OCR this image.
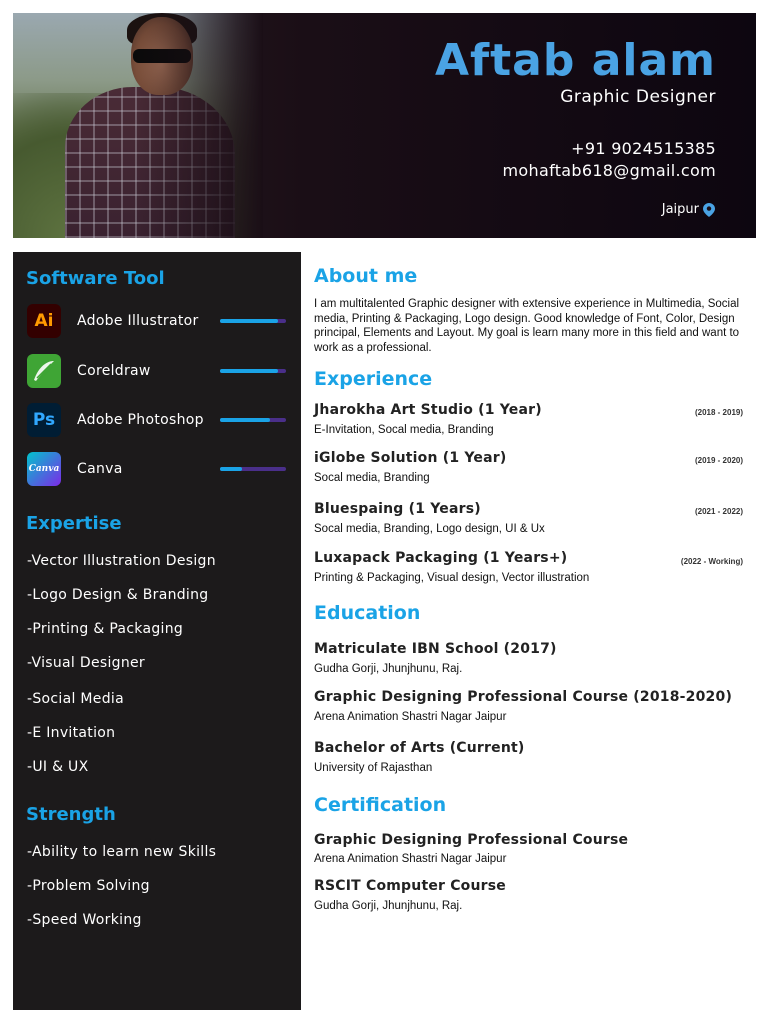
Aftab alam
Graphic Designer
+91 9024515385
mohaftab618@gmail.com
Jaipur
Software Tool
Ai	Adobe Illustrator
Coreldraw
Ps	Adobe Photoshop
Canva Canva
Expertise
-Vector Illustration Design
-Logo Design & Branding
-Printing & Packaging
-Visual Designer
-Social Media
-E Invitation
-UI & UX
Strength
-Ability to learn new Skills
-Problem Solving
-Speed Working
About me
I am multitalented Graphic designer with extensive experience in Multimedia, Social media, Printing & Packaging, Logo design. Good knowledge of Font, Color, Design principal, Elements and Layout. My goal is learn many more in this field and want to work as a professional.
Experience
Jharokha Art Studio (1 Year)	(2018 - 2019)
E-Invitation, Socal media, Branding
iGlobe Solution (1 Year)	(2019 - 2020)
Socal media, Branding
Bluespaing (1 Years)	(2021 - 2022)
Socal media, Branding, Logo design, UI & Ux
Luxapack Packaging (1 Years+)	(2022 - Working)
Printing & Packaging, Visual design, Vector illustration
Education
Matriculate IBN School (2017)
Gudha Gorji, Jhunjhunu, Raj.
Graphic Designing Professional Course (2018-2020)
Arena Animation Shastri Nagar Jaipur
Bachelor of Arts (Current)
University of Rajasthan
Certification
Graphic Designing Professional Course
Arena Animation Shastri Nagar Jaipur
RSCIT Computer Course
Gudha Gorji, Jhunjhunu, Raj.
